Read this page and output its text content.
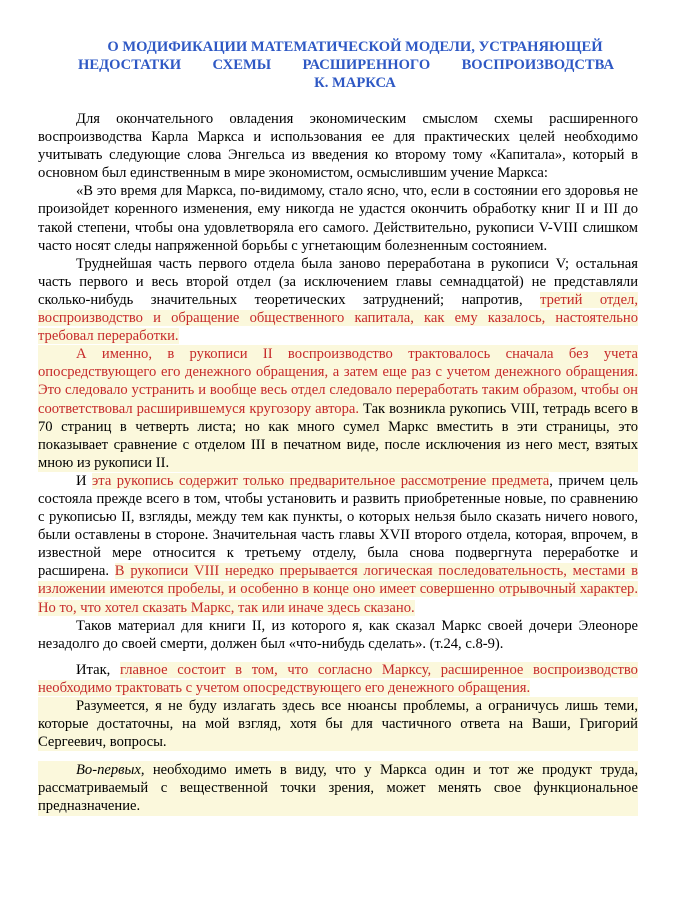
О МОДИФИКАЦИИ МАТЕМАТИЧЕСКОЙ МОДЕЛИ, УСТРАНЯЮЩЕЙ
НЕДОСТАТКИ СХЕМЫ РАСШИРЕННОГО ВОСПРОИЗВОДСТВА
К. МАРКСА

Для окончательного овладения экономическим смыслом схемы расширенного воспроизводства Карла Маркса и использования ее для практических целей необходимо учитывать следующие слова Энгельса из введения ко второму тому «Капитала», который в основном был единственным в мире экономистом, осмыслившим учение Маркса:

«В это время для Маркса, по-видимому, стало ясно, что, если в состоянии его здоровья не произойдет коренного изменения, ему никогда не удастся окончить обработку книг II и III до такой степени, чтобы она удовлетворяла его самого. Действительно, рукописи V-VIII слишком часто носят следы напряженной борьбы с угнетающим болезненным состоянием.

Труднейшая часть первого отдела была заново переработана в рукописи V; остальная часть первого и весь второй отдел (за исключением главы семнадцатой) не представляли сколько-нибудь значительных теоретических затруднений; напротив, третий отдел, воспроизводство и обращение общественного капитала, как ему казалось, настоятельно требовал переработки.

А именно, в рукописи II воспроизводство трактовалось сначала без учета опосредствующего его денежного обращения, а затем еще раз с учетом денежного обращения. Это следовало устранить и вообще весь отдел следовало переработать таким образом, чтобы он соответствовал расширившемуся кругозору автора. Так возникла рукопись VIII, тетрадь всего в 70 страниц в четверть листа; но как много сумел Маркс вместить в эти страницы, это показывает сравнение с отделом III в печатном виде, после исключения из него мест, взятых мною из рукописи II.

И эта рукопись содержит только предварительное рассмотрение предмета, причем цель состояла прежде всего в том, чтобы установить и развить приобретенные новые, по сравнению с рукописью II, взгляды, между тем как пункты, о которых нельзя было сказать ничего нового, были оставлены в стороне. Значительная часть главы XVII второго отдела, которая, впрочем, в известной мере относится к третьему отделу, была снова подвергнута переработке и расширена. В рукописи VIII нередко прерывается логическая последовательность, местами в изложении имеются пробелы, и особенно в конце оно имеет совершенно отрывочный характер. Но то, что хотел сказать Маркс, так или иначе здесь сказано.

Таков материал для книги II, из которого я, как сказал Маркс своей дочери Элеоноре незадолго до своей смерти, должен был «что-нибудь сделать». (т.24, с.8-9).

Итак, главное состоит в том, что согласно Марксу, расширенное воспроизводство необходимо трактовать с учетом опосредствующего его денежного обращения.

Разумеется, я не буду излагать здесь все нюансы проблемы, а ограничусь лишь теми, которые достаточны, на мой взгляд, хотя бы для частичного ответа на Ваши, Григорий Сергеевич, вопросы.

Во-первых, необходимо иметь в виду, что у Маркса один и тот же продукт труда, рассматриваемый с вещественной точки зрения, может менять свое функциональное предназначение.
